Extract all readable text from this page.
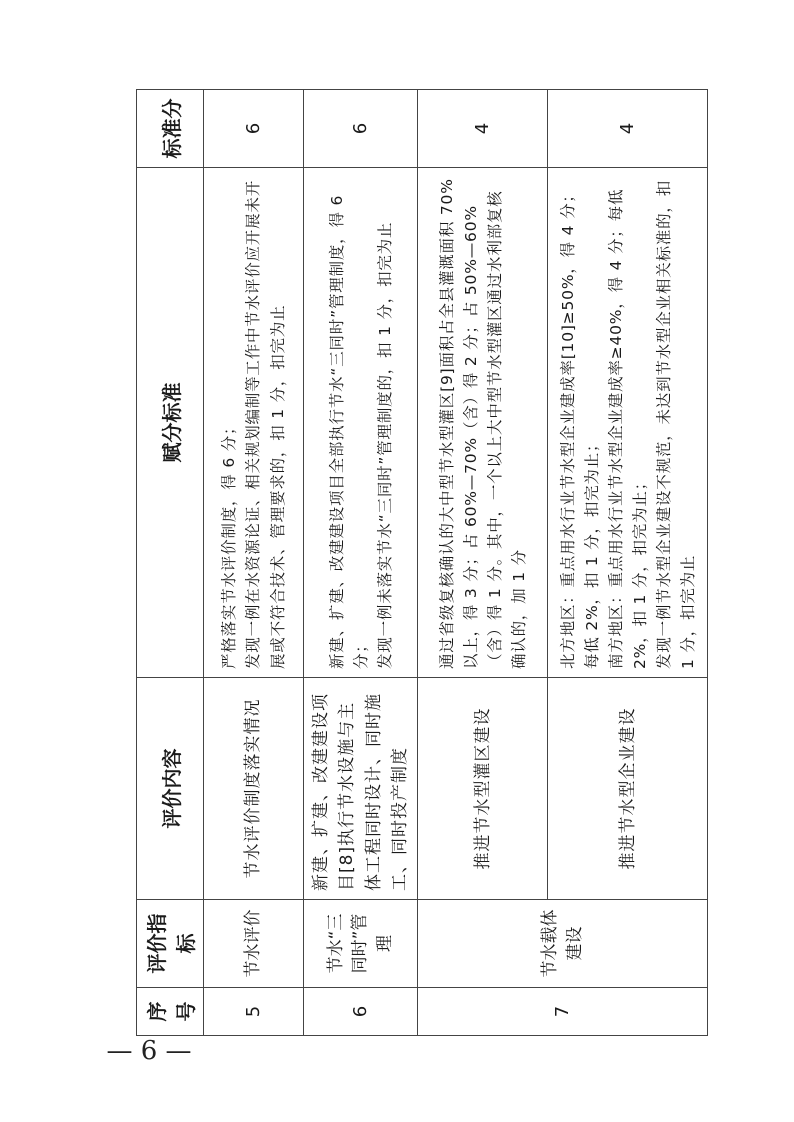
— 6 —
序号	评价指标	评价内容	赋分标准	标准分
5	节水评价	节水评价制度落实情况	严格落实节水评价制度，得 6 分； 发现一例在水资源论证、相关规划编制等工作中节水评价应开展未开展或不符合技术、管理要求的，扣 1 分，扣完为止	6
6	节水“三同时”管理	新建、扩建、改建建设项目[8]执行节水设施与主体工程同时设计、同时施工、同时投产制度	新建、扩建、改建建设项目全部执行节水“三同时”管理制度，得 6 分； 发现一例未落实节水“三同时”管理制度的，扣 1 分，扣完为止	6
7	节水载体建设	推进节水型灌区建设	通过省级复核确认的大中型节水型灌区[9]面积占全县灌溉面积 70%以上，得 3 分；占 60%—70%（含）得 2 分；占 50%—60%（含）得 1 分。其中，一个以上大中型节水型灌区通过水利部复核确认的，加 1 分	4
		推进节水型企业建设	北方地区：重点用水行业节水型企业建成率[10]≥50%，得 4 分；每低 2%，扣 1 分，扣完为止； 南方地区：重点用水行业节水型企业建成率≥40%，得 4 分；每低 2%，扣 1 分，扣完为止； 发现一例节水型企业建设不规范，未达到节水型企业相关标准的，扣 1 分，扣完为止	4
